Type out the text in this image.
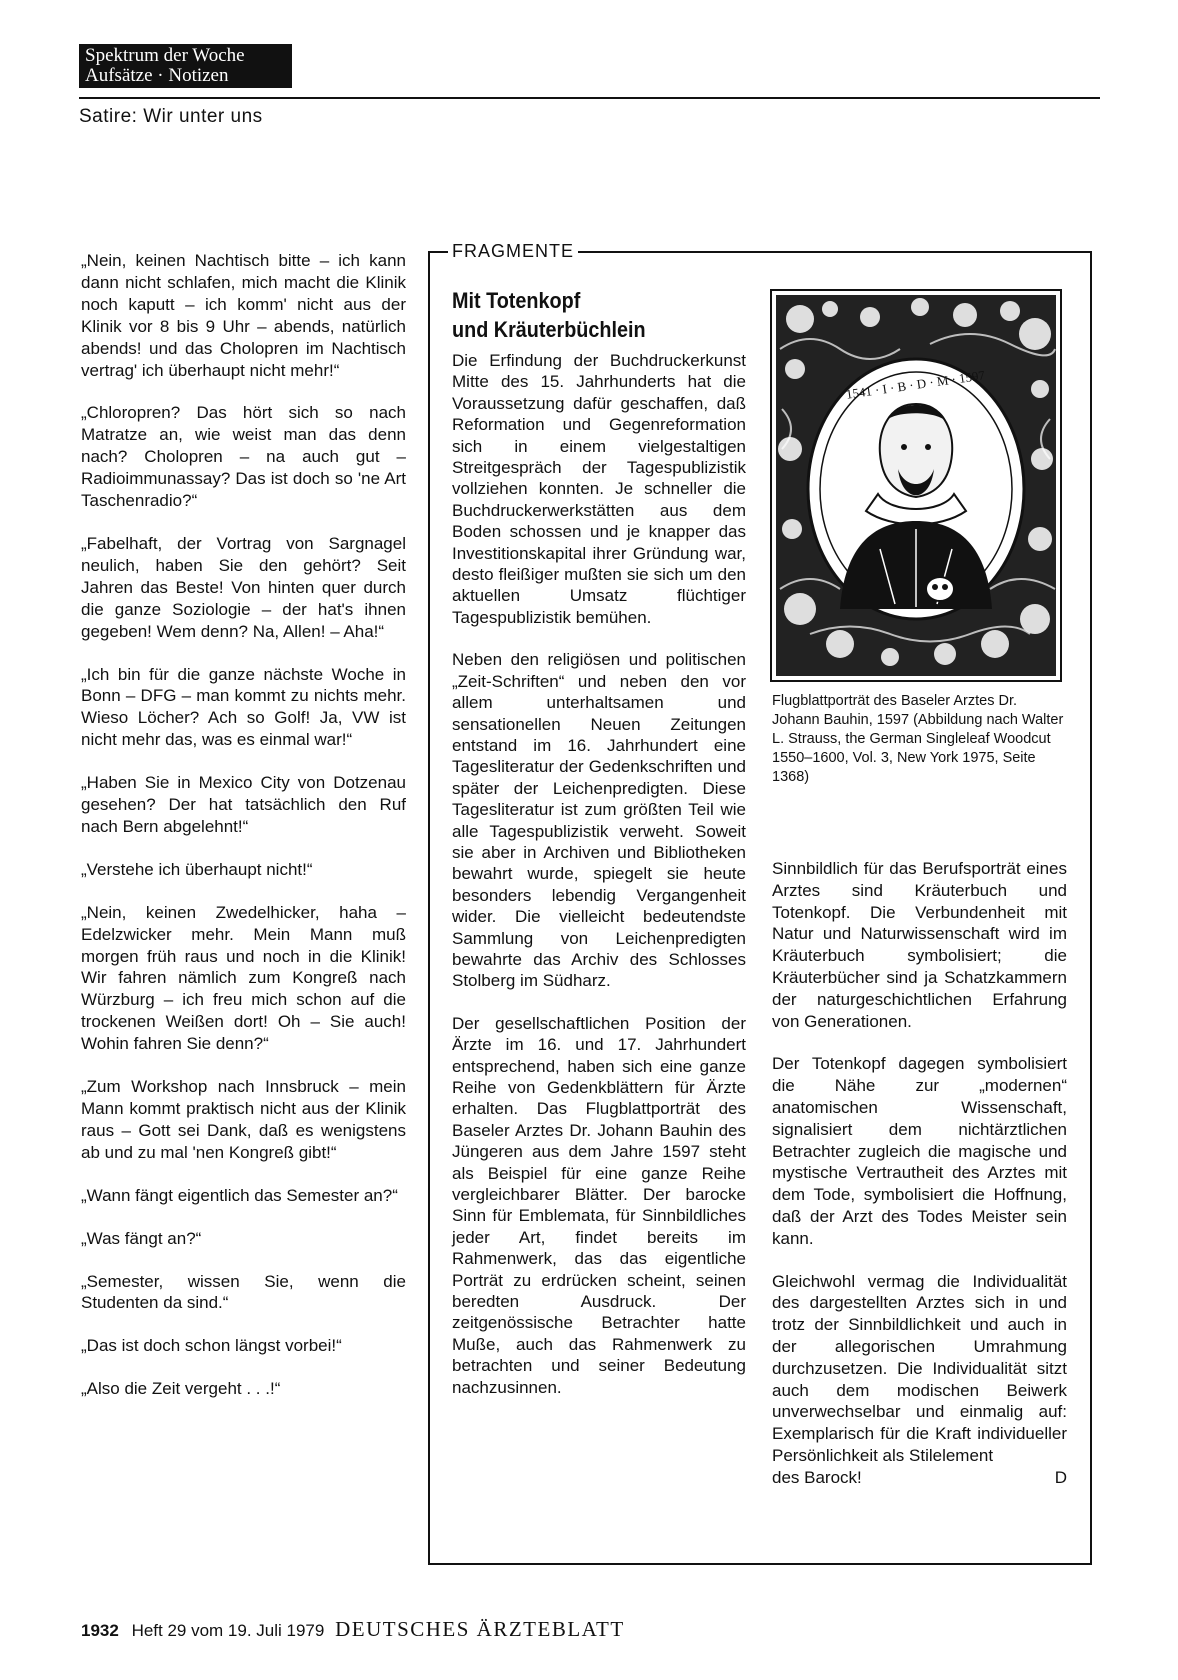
Spektrum der Woche
Aufsätze · Notizen
Satire: Wir unter uns

„Nein, keinen Nachtisch bitte – ich kann dann nicht schlafen, mich macht die Klinik noch kaputt – ich komm' nicht aus der Klinik vor 8 bis 9 Uhr – abends, natürlich abends! und das Cholopren im Nachtisch vertrag' ich überhaupt nicht mehr!“

„Chloropren? Das hört sich so nach Matratze an, wie weist man das denn nach? Cholopren – na auch gut – Radioimmunassay? Das ist doch so 'ne Art Taschenradio?“

„Fabelhaft, der Vortrag von Sargnagel neulich, haben Sie den gehört? Seit Jahren das Beste! Von hinten quer durch die ganze Soziologie – der hat's ihnen gegeben! Wem denn? Na, Allen! – Aha!“

„Ich bin für die ganze nächste Woche in Bonn – DFG – man kommt zu nichts mehr. Wieso Löcher? Ach so Golf! Ja, VW ist nicht mehr das, was es einmal war!“

„Haben Sie in Mexico City von Dotzenau gesehen? Der hat tatsächlich den Ruf nach Bern abgelehnt!“

„Verstehe ich überhaupt nicht!“

„Nein, keinen Zwedelhicker, haha – Edelzwicker mehr. Mein Mann muß morgen früh raus und noch in die Klinik! Wir fahren nämlich zum Kongreß nach Würzburg – ich freu mich schon auf die trockenen Weißen dort! Oh – Sie auch! Wohin fahren Sie denn?“

„Zum Workshop nach Innsbruck – mein Mann kommt praktisch nicht aus der Klinik raus – Gott sei Dank, daß es wenigstens ab und zu mal 'nen Kongreß gibt!“

„Wann fängt eigentlich das Semester an?“

„Was fängt an?“

„Semester, wissen Sie, wenn die Studenten da sind.“

„Das ist doch schon längst vorbei!“

„Also die Zeit vergeht . . .!“

FRAGMENTE
Mit Totenkopf
und Kräuterbüchlein

Die Erfindung der Buchdruckerkunst Mitte des 15. Jahrhunderts hat die Voraussetzung dafür geschaffen, daß Reformation und Gegenreformation sich in einem vielgestaltigen Streitgespräch der Tagespublizistik vollziehen konnten. Je schneller die Buchdruckerwerkstätten aus dem Boden schossen und je knapper das Investitionskapital ihrer Gründung war, desto fleißiger mußten sie sich um den aktuellen Umsatz flüchtiger Tagespublizistik bemühen.

Neben den religiösen und politischen „Zeit-Schriften“ und neben den vor allem unterhaltsamen und sensationellen Neuen Zeitungen entstand im 16. Jahrhundert eine Tagesliteratur der Gedenkschriften und später der Leichenpredigten. Diese Tagesliteratur ist zum größten Teil wie alle Tagespublizistik verweht. Soweit sie aber in Archiven und Bibliotheken bewahrt wurde, spiegelt sie heute besonders lebendig Vergangenheit wider. Die vielleicht bedeutendste Sammlung von Leichenpredigten bewahrte das Archiv des Schlosses Stolberg im Südharz.

Der gesellschaftlichen Position der Ärzte im 16. und 17. Jahrhundert entsprechend, haben sich eine ganze Reihe von Gedenkblättern für Ärzte erhalten. Das Flugblattporträt des Baseler Arztes Dr. Johann Bauhin des Jüngeren aus dem Jahre 1597 steht als Beispiel für eine ganze Reihe vergleichbarer Blätter. Der barocke Sinn für Emblemata, für Sinnbildliches jeder Art, findet bereits im Rahmenwerk, das das eigentliche Porträt zu erdrücken scheint, seinen beredten Ausdruck. Der zeitgenössische Betrachter hatte Muße, auch das Rahmenwerk zu betrachten und seiner Bedeutung nachzusinnen.

1541 · I · B · D · M · 1597
Flugblattporträt des Baseler Arztes Dr. Johann Bauhin, 1597 (Abbildung nach Walter L. Strauss, the German Singleleaf Woodcut 1550–1600, Vol. 3, New York 1975, Seite 1368)

Sinnbildlich für das Berufsporträt eines Arztes sind Kräuterbuch und Totenkopf. Die Verbundenheit mit Natur und Naturwissenschaft wird im Kräuterbuch symbolisiert; die Kräuterbücher sind ja Schatzkammern der naturgeschichtlichen Erfahrung von Generationen.

Der Totenkopf dagegen symbolisiert die Nähe zur „modernen“ anatomischen Wissenschaft, signalisiert dem nichtärztlichen Betrachter zugleich die magische und mystische Vertrautheit des Arztes mit dem Tode, symbolisiert die Hoffnung, daß der Arzt des Todes Meister sein kann.

Gleichwohl vermag die Individualität des dargestellten Arztes sich in und trotz der Sinnbildlichkeit und auch in der allegorischen Umrahmung durchzusetzen. Die Individualität sitzt auch dem modischen Beiwerk unverwechselbar und einmalig auf: Exemplarisch für die Kraft individueller Persönlichkeit als Stilelement
des Barock!	D

1932 Heft 29 vom 19. Juli 1979 DEUTSCHES ÄRZTEBLATT
